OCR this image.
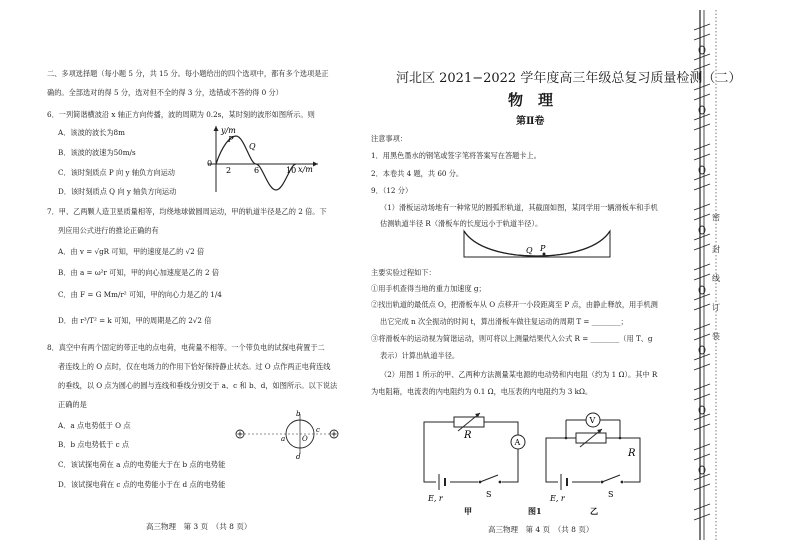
二、多项选择题（每小题 5 分，共 15 分。每小题给出的四个选项中，都有多个选项是正
确的。全部选对的得 5 分，选对但不全的得 3 分，选错或不答的得 0 分）
6．一列简谐横波沿 x 轴正方向传播，波的周期为 0.2s，某时刻的波形如图所示。则
A．该波的波长为8m
B．该波的波速为50m/s
C．该时刻质点 P 向 y 轴负方向运动
D．该时刻质点 Q 向 y 轴负方向运动
y/m
x/m
0
2	6	10
P
Q
7．甲、乙两颗人造卫星质量相等，均绕地球做圆周运动，甲的轨道半径是乙的 2 倍。下
列应用公式进行的推论正确的有
A．由 v = √gR 可知，甲的速度是乙的 √2 倍
B．由 a = ω²r 可知，甲的向心加速度是乙的 2 倍
C．由 F = G Mm/r² 可知，甲的向心力是乙的 1/4
D．由 r³/T² = k 可知，甲的周期是乙的 2√2 倍
8．真空中有两个固定的带正电的点电荷，电荷量不相等。一个带负电的试探电荷置于二
者连线上的 O 点时，仅在电场力的作用下恰好保持静止状态。过 O 点作两正电荷连线
的垂线，以 O 点为圆心的圆与连线和垂线分别交于 a、c 和 b、d，如图所示。以下说法
正确的是
A．a 点电势低于 O 点
B．b 点电势低于 c 点
C．该试探电荷在 a 点的电势能大于在 b 点的电势能
D．该试探电荷在 c 点的电势能小于在 d 点的电势能
a
b
c
d
O
高三物理　第 3 页　（共 8 页）
河北区 2021−2022 学年度高三年级总复习质量检测（二）
物　理
第Ⅱ卷
注意事项：
1．用黑色墨水的钢笔或签字笔将答案写在答题卡上。
2．本卷共 4 题，共 60 分。
9．（12 分）
（1）滑板运动场地有一种常见的圆弧形轨道，其截面如图，某同学用一辆滑板车和手机
估测轨道半径 R（滑板车的长度远小于轨道半径）。
Q P
主要实验过程如下：
①用手机查得当地的重力加速度 g；
②找出轨道的最低点 O，把滑板车从 O 点移开一小段距离至 P 点，由静止释放，用手机测
出它完成 n 次全振动的时间 t，算出滑板车做往复运动的周期 T = ________；
③将滑板车的运动视为简谐运动，则可将以上测量结果代入公式 R = ________（用 T、g
表示）计算出轨道半径。
（2）用图 1 所示的甲、乙两种方法测量某电源的电动势和内电阻（约为 1 Ω）。其中 R
为电阻箱，电流表的内电阻约为 0.1 Ω，电压表的内电阻约为 3 kΩ。
A
R
E, r	S
甲
V
R
E, r	S
乙
图1
高三物理　第 4 页　（共 8 页）
密
封
线
订
装
